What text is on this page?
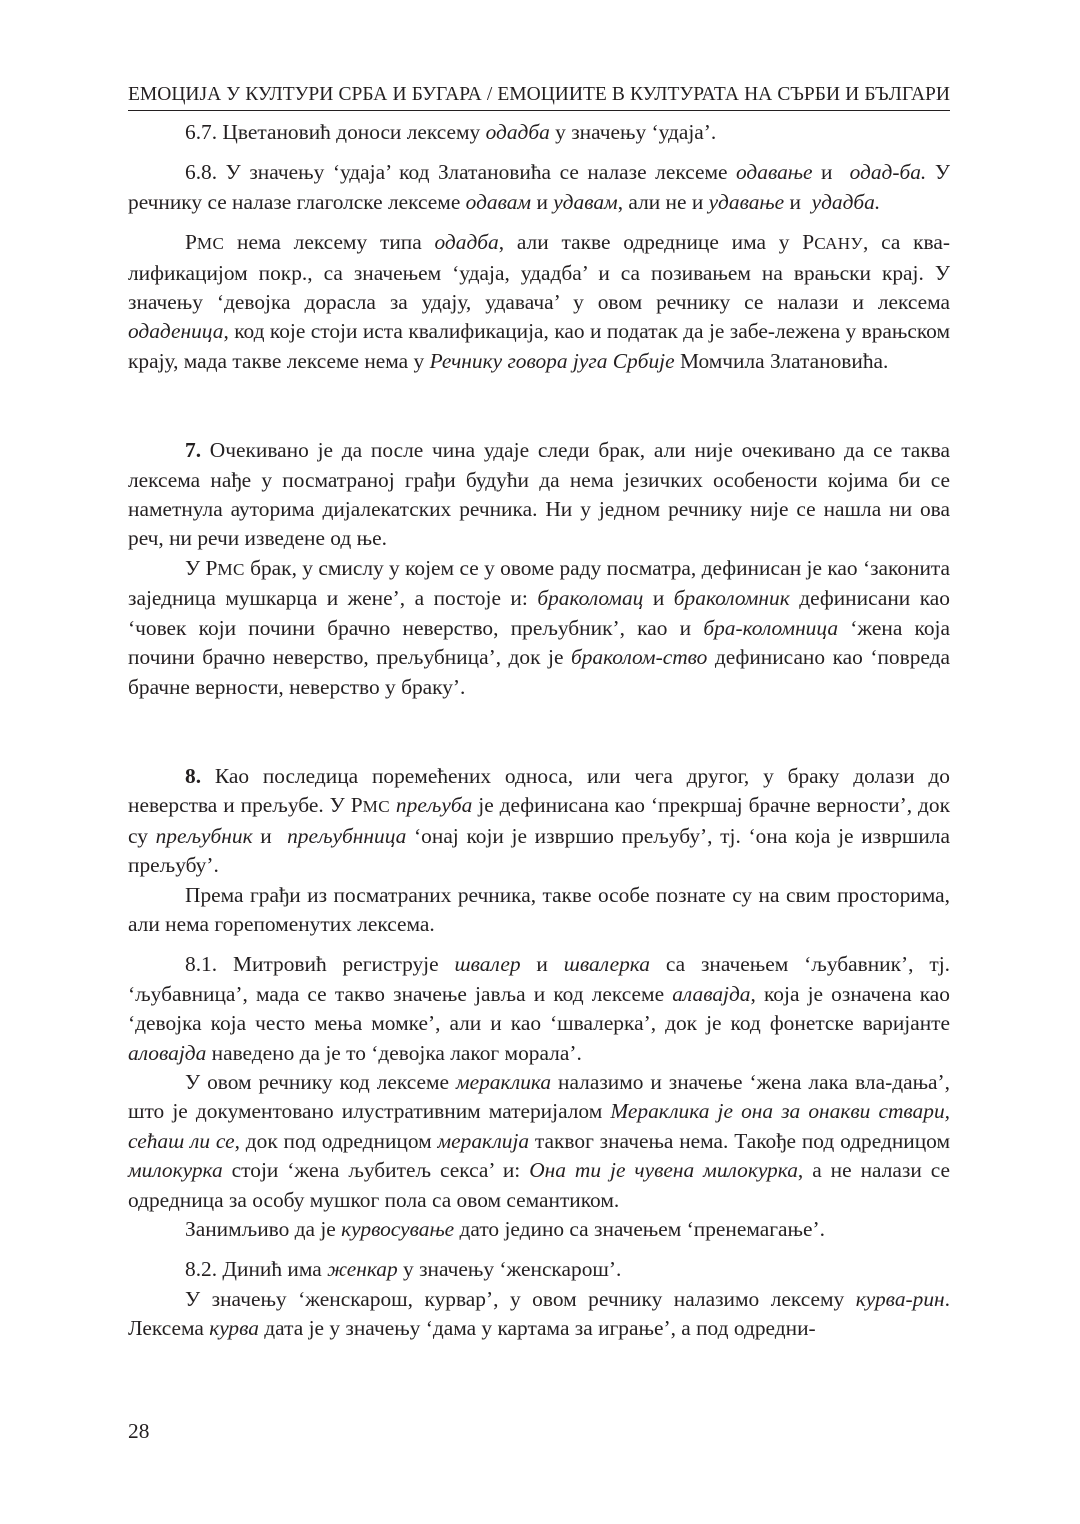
ЕМОЦИЈА У КУЛТУРИ СРБА И БУГАРА / ЕМОЦИИТЕ В КУЛТУРАТА НА СЪРБИ И БЪЛГАРИ

6.7. Цветановић доноси лексему одадба у значењу ‘удаја’.

6.8. У значењу ‘удаја’ код Златановића се налазе лексеме одавање и  одад-ба. У речнику се налазе глаголске лексеме одавам и удавам, али не и удавање и  удадба.

РМС нема лексему типа одадба, али такве одреднице има у РСАНУ, са ква-лификацијом покр., са значењем ‘удаја, удадба’ и са позивањем на врањски крај. У значењу ‘девојка дорасла за удају, удавача’ у овом речнику се налази и лексема одаденица, код које стоји иста квалификација, као и податак да је забе-лежена у врањском крају, мада такве лексеме нема у Речнику говора југа Србије Момчила Златановића.

7. Очекивано је да после чина удаје следи брак, али није очекивано да се таква лексема нађе у посматраној грађи будући да нема језичких особености којима би се наметнула ауторима дијалекатских речника. Ни у једном речнику није се нашла ни ова реч, ни речи изведене од ње.

У РМС брак, у смислу у којем се у овоме раду посматра, дефинисан је као ‘законита заједница мушкарца и жене’, а постоје и: браколомац и браколомник дефинисани као ‘човек који почини брачно неверство, прељубник’, као и бра-коломница ‘жена која почини брачно неверство, прељубница’, док је браколом-ство дефинисано као ‘повреда брачне верности, неверство у браку’.

8. Као последица поремећених односа, или чега другог, у браку долази до неверства и прељубе. У РМС прељуба је дефинисана као ‘прекршај брачне верности’, док су прељубник и  прељубнница ‘онај који је извршио прељубу’, тј. ‘она која је извршила прељубу’.

Према грађи из посматраних речника, такве особе познате су на свим просторима, али нема горепоменутих лексема.

8.1. Митровић региструје швалер и швалерка са значењем ‘љубавник’, тј. ‘љубавница’, мада се такво значење јавља и код лексеме алавајда, која је означена као ‘девојка која често мења момке’, али и као ‘швалерка’, док је код фонетске варијанте аловајда наведено да је то ‘девојка лаког морала’.

У овом речнику код лексеме мераклика налазимо и значење ‘жена лака вла-дања’, што је документовано илустративним материјалом Мераклика је она за онакви ствари, сећаш ли се, док под одредницом мераклија таквог значења нема. Такође под одредницом милокурка стоји ‘жена љубитељ секса’ и: Она ти је чувена милокурка, а не налази се одредница за особу мушког пола са овом семантиком.

Занимљиво да је курвосување дато једино са значењем ‘пренемагање’.

8.2. Динић има женкар у значењу ‘женскарош’.

У значењу ‘женскарош, курвар’, у овом речнику налазимо лексему курва-рин. Лексема курва дата је у значењу ‘дама у картама за играње’, а под одредни-

28
